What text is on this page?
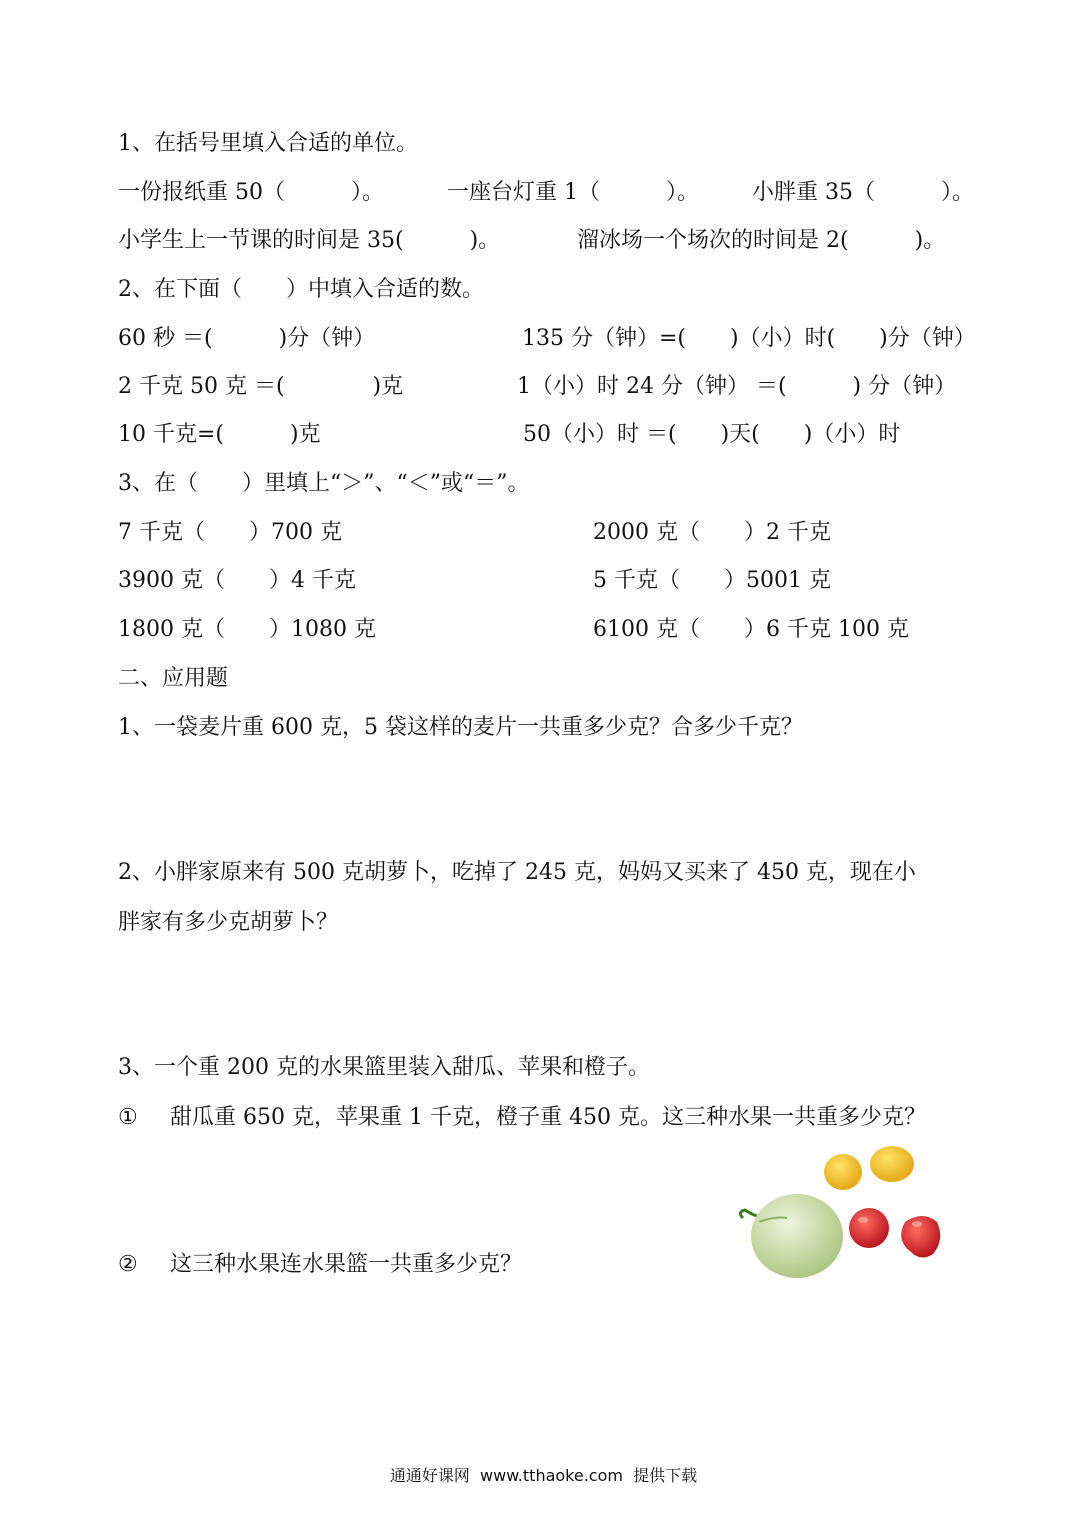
1、在括号里填入合适的单位。
一份报纸重 50（　　　）。	一座台灯重 1（　　　）。 小胖重 35（　　　）。
小学生上一节课的时间是 35(　　　)。	溜冰场一个场次的时间是 2(　　　)。
2、在下面（　　）中填入合适的数。
60 秒 ＝(　　　)分（钟）	135 分（钟）=(　　)（小）时(　　)分（钟）
2 千克 50 克 ＝(　　　　)克	1（小）时 24 分（钟） ＝(　　　) 分（钟）
10 千克=(　　　)克	50（小）时 ＝(　　)天(　　)（小）时
3、在（　　）里填上“＞”、“＜”或“＝”。
7 千克（　　）700 克	2000 克（　　）2 千克
3900 克（　　）4 千克	5 千克（　　）5001 克
1800 克（　　）1080 克	6100 克（　　）6 千克 100 克
二、应用题
1、一袋麦片重 600 克，5 袋这样的麦片一共重多少克？合多少千克？
2、小胖家原来有 500 克胡萝卜，吃掉了 245 克，妈妈又买来了 450 克，现在小
胖家有多少克胡萝卜？
3、一个重 200 克的水果篮里装入甜瓜、苹果和橙子。
① 甜瓜重 650 克，苹果重 1 千克，橙子重 450 克。这三种水果一共重多少克？
② 这三种水果连水果篮一共重多少克？
通通好课网  www.tthaoke.com  提供下载
